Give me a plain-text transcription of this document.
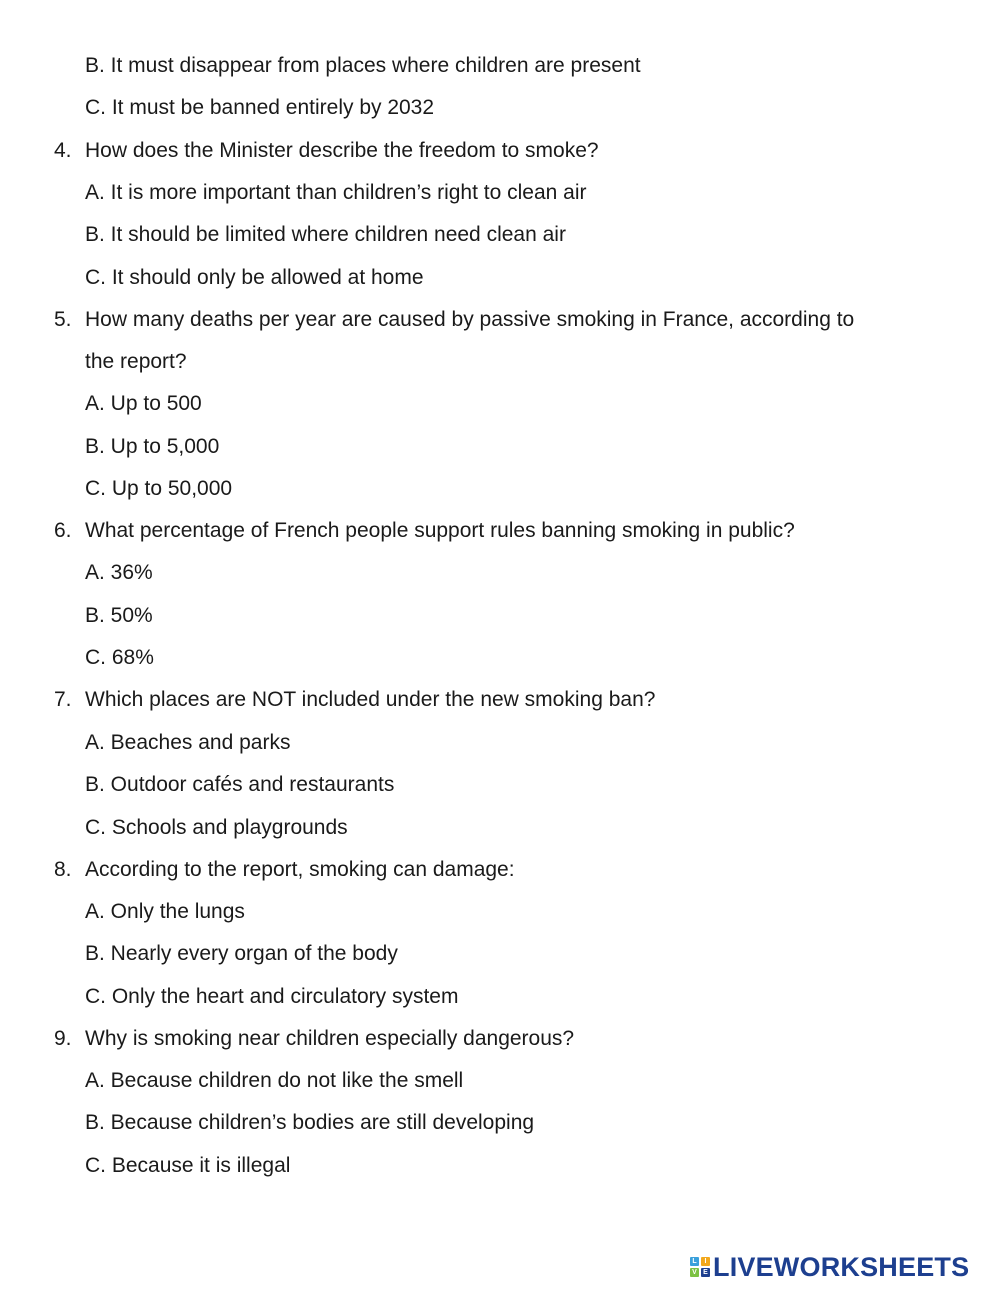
B. It must disappear from places where children are present
C. It must be banned entirely by 2032
4. How does the Minister describe the freedom to smoke?
A. It is more important than children’s right to clean air
B. It should be limited where children need clean air
C. It should only be allowed at home
5. How many deaths per year are caused by passive smoking in France, according to
the report?
A. Up to 500
B. Up to 5,000
C. Up to 50,000
6. What percentage of French people support rules banning smoking in public?
A. 36%
B. 50%
C. 68%
7. Which places are NOT included under the new smoking ban?
A. Beaches and parks
B. Outdoor cafés and restaurants
C. Schools and playgrounds
8. According to the report, smoking can damage:
A. Only the lungs
B. Nearly every organ of the body
C. Only the heart and circulatory system
9. Why is smoking near children especially dangerous?
A. Because children do not like the smell
B. Because children’s bodies are still developing
C. Because it is illegal
L	I
V E LIVEWORKSHEETS
